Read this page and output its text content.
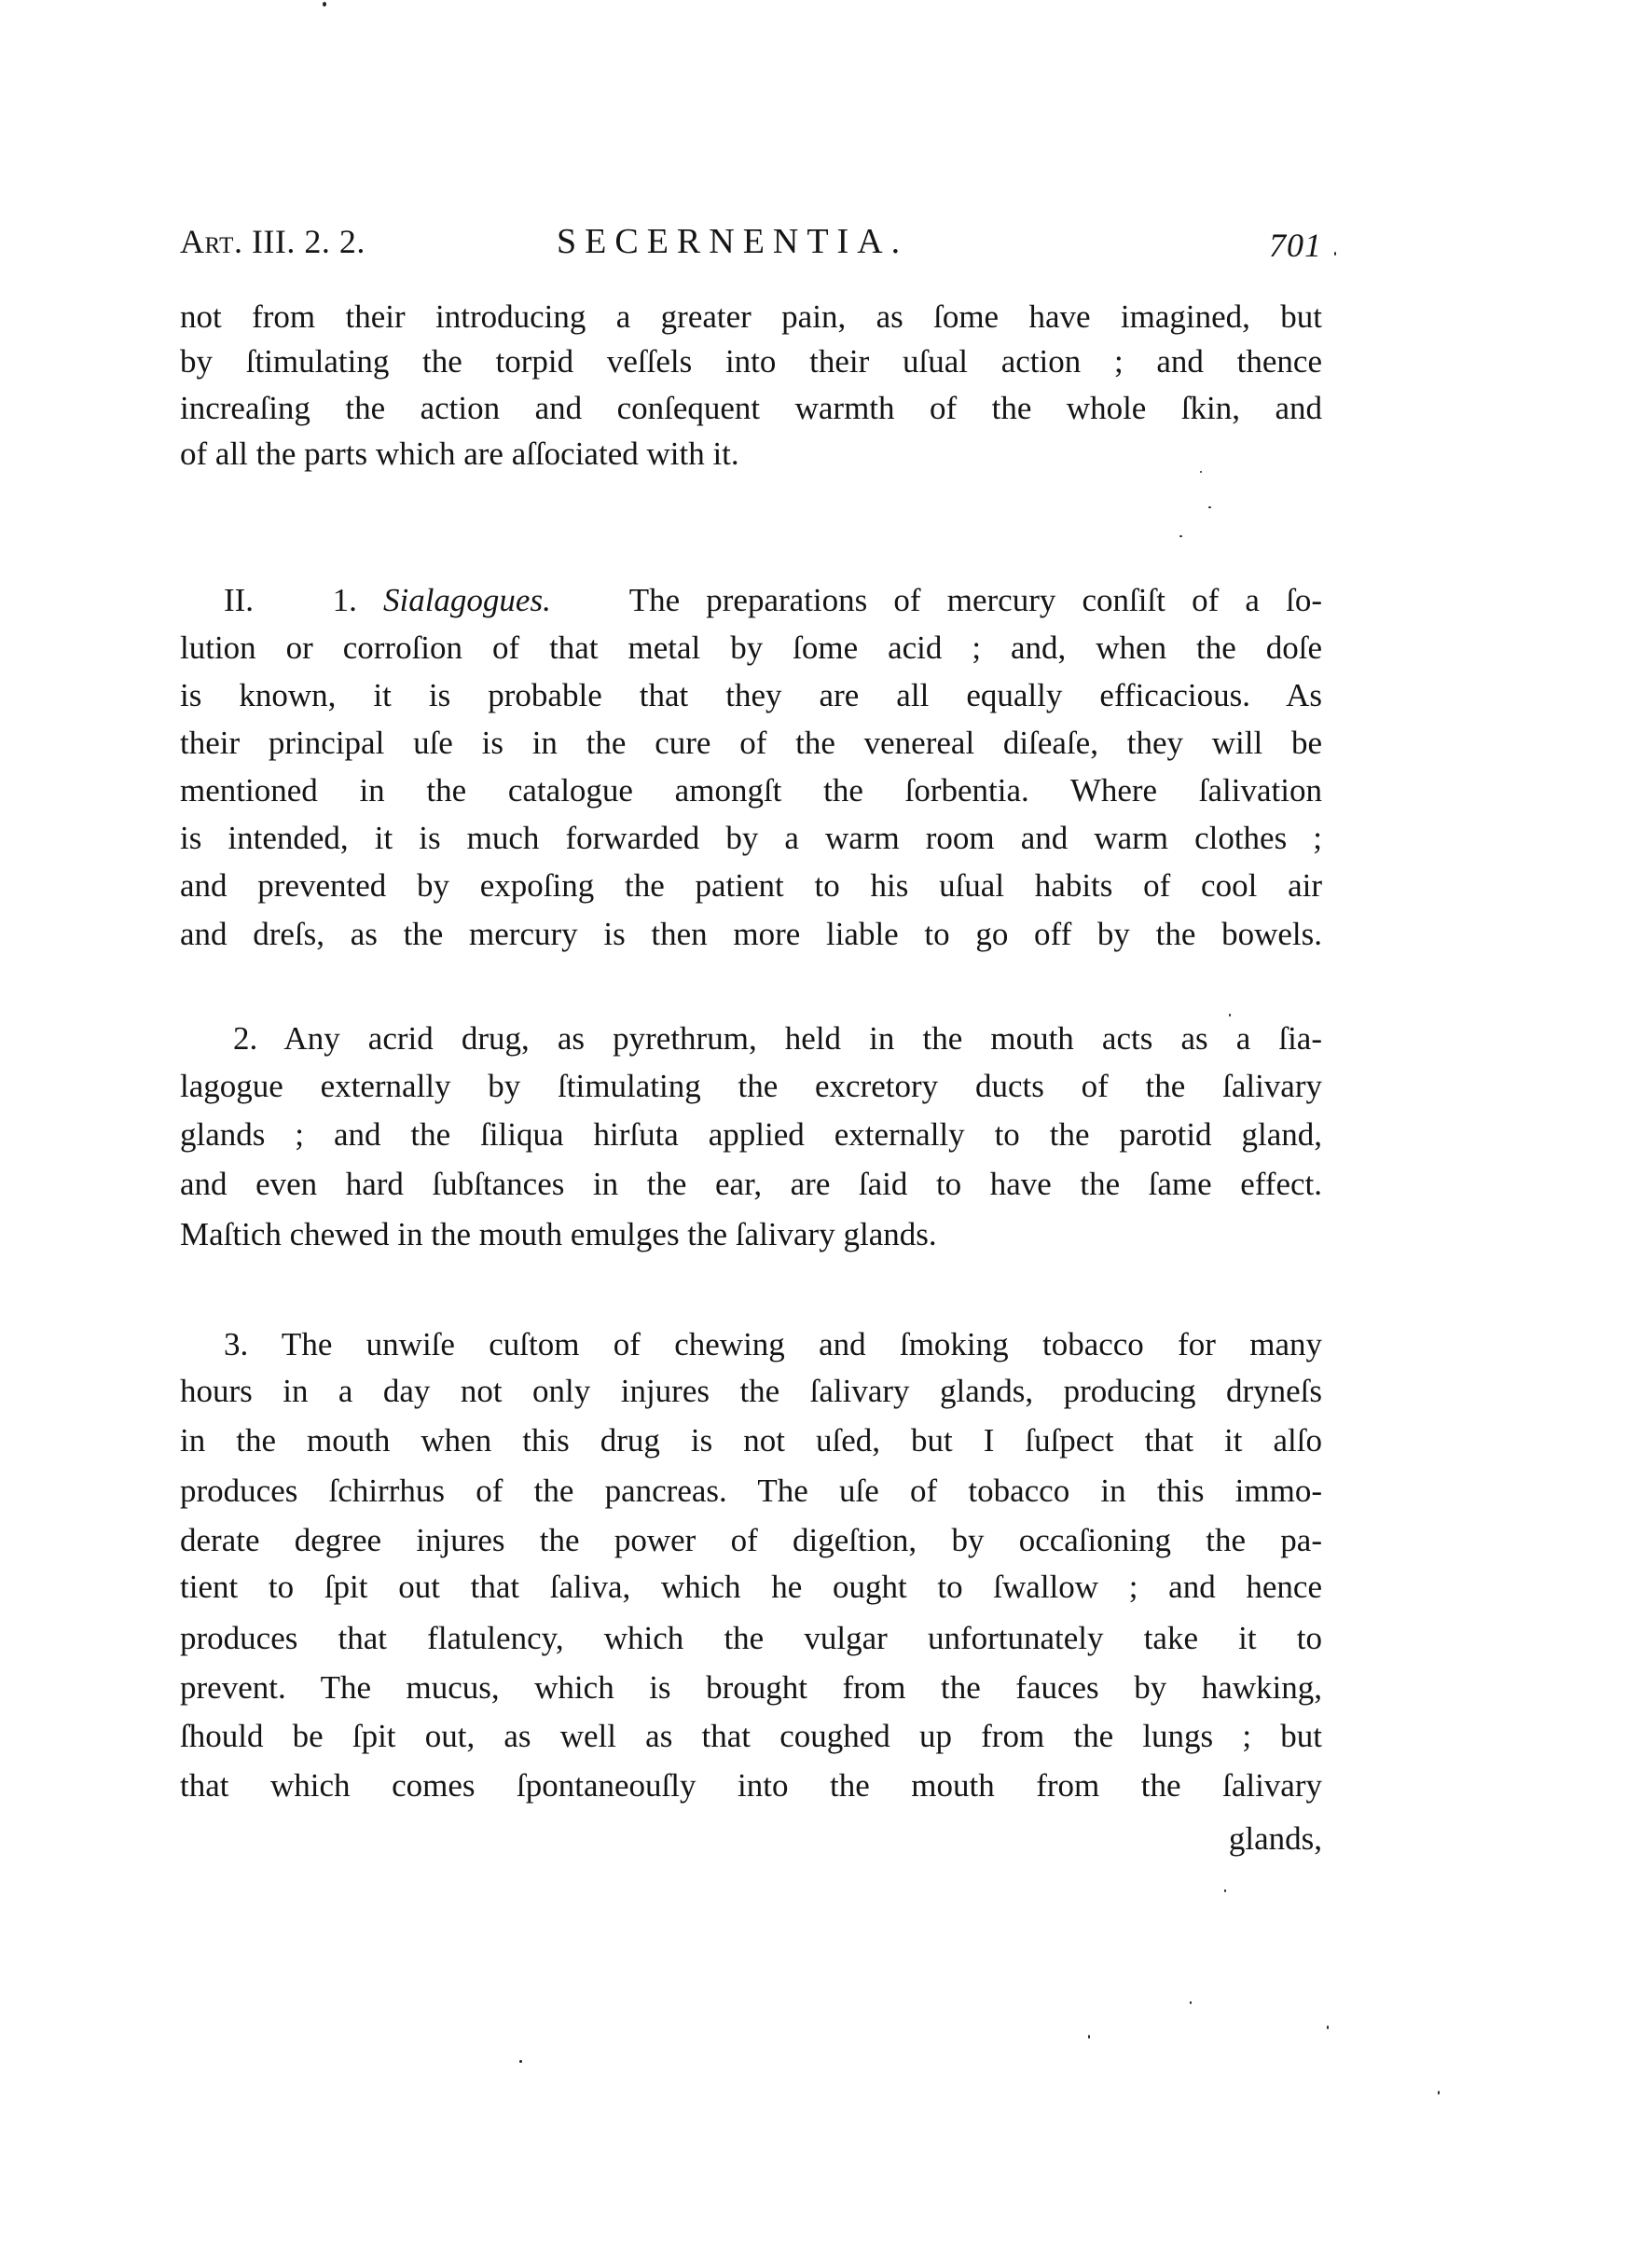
Art. III. 2. 2.	SECERNENTIA.	701
not from their introducing a greater pain, as ſome have imagined, but
by ſtimulating the torpid veſſels into their uſual action ; and thence
increaſing the action and conſequent warmth of the whole ſkin, and
of all the parts which are aſſociated with it.
II. 1. Sialagogues. The preparations of mercury conſiſt of a ſo-
lution or corroſion of that metal by ſome acid ; and, when the doſe
is known, it is probable that they are all equally efficacious. As
their principal uſe is in the cure of the venereal diſeaſe, they will be
mentioned in the catalogue amongſt the ſorbentia. Where ſalivation
is intended, it is much forwarded by a warm room and warm clothes ;
and prevented by expoſing the patient to his uſual habits of cool air
and dreſs, as the mercury is then more liable to go off by the bowels.
2. Any acrid drug, as pyrethrum, held in the mouth acts as a ſia-
lagogue externally by ſtimulating the excretory ducts of the ſalivary
glands ; and the ſiliqua hirſuta applied externally to the parotid gland,
and even hard ſubſtances in the ear, are ſaid to have the ſame effect.
Maſtich chewed in the mouth emulges the ſalivary glands.
3. The unwiſe cuſtom of chewing and ſmoking tobacco for many
hours in a day not only injures the ſalivary glands, producing dryneſs
in the mouth when this drug is not uſed, but I ſuſpect that it alſo
produces ſchirrhus of the pancreas. The uſe of tobacco in this immo-
derate degree injures the power of digeſtion, by occaſioning the pa-
tient to ſpit out that ſaliva, which he ought to ſwallow ; and hence
produces that flatulency, which the vulgar unfortunately take it to
prevent. The mucus, which is brought from the fauces by hawking,
ſhould be ſpit out, as well as that coughed up from the lungs ; but
that which comes ſpontaneouſly into the mouth from the ſalivary
glands,
